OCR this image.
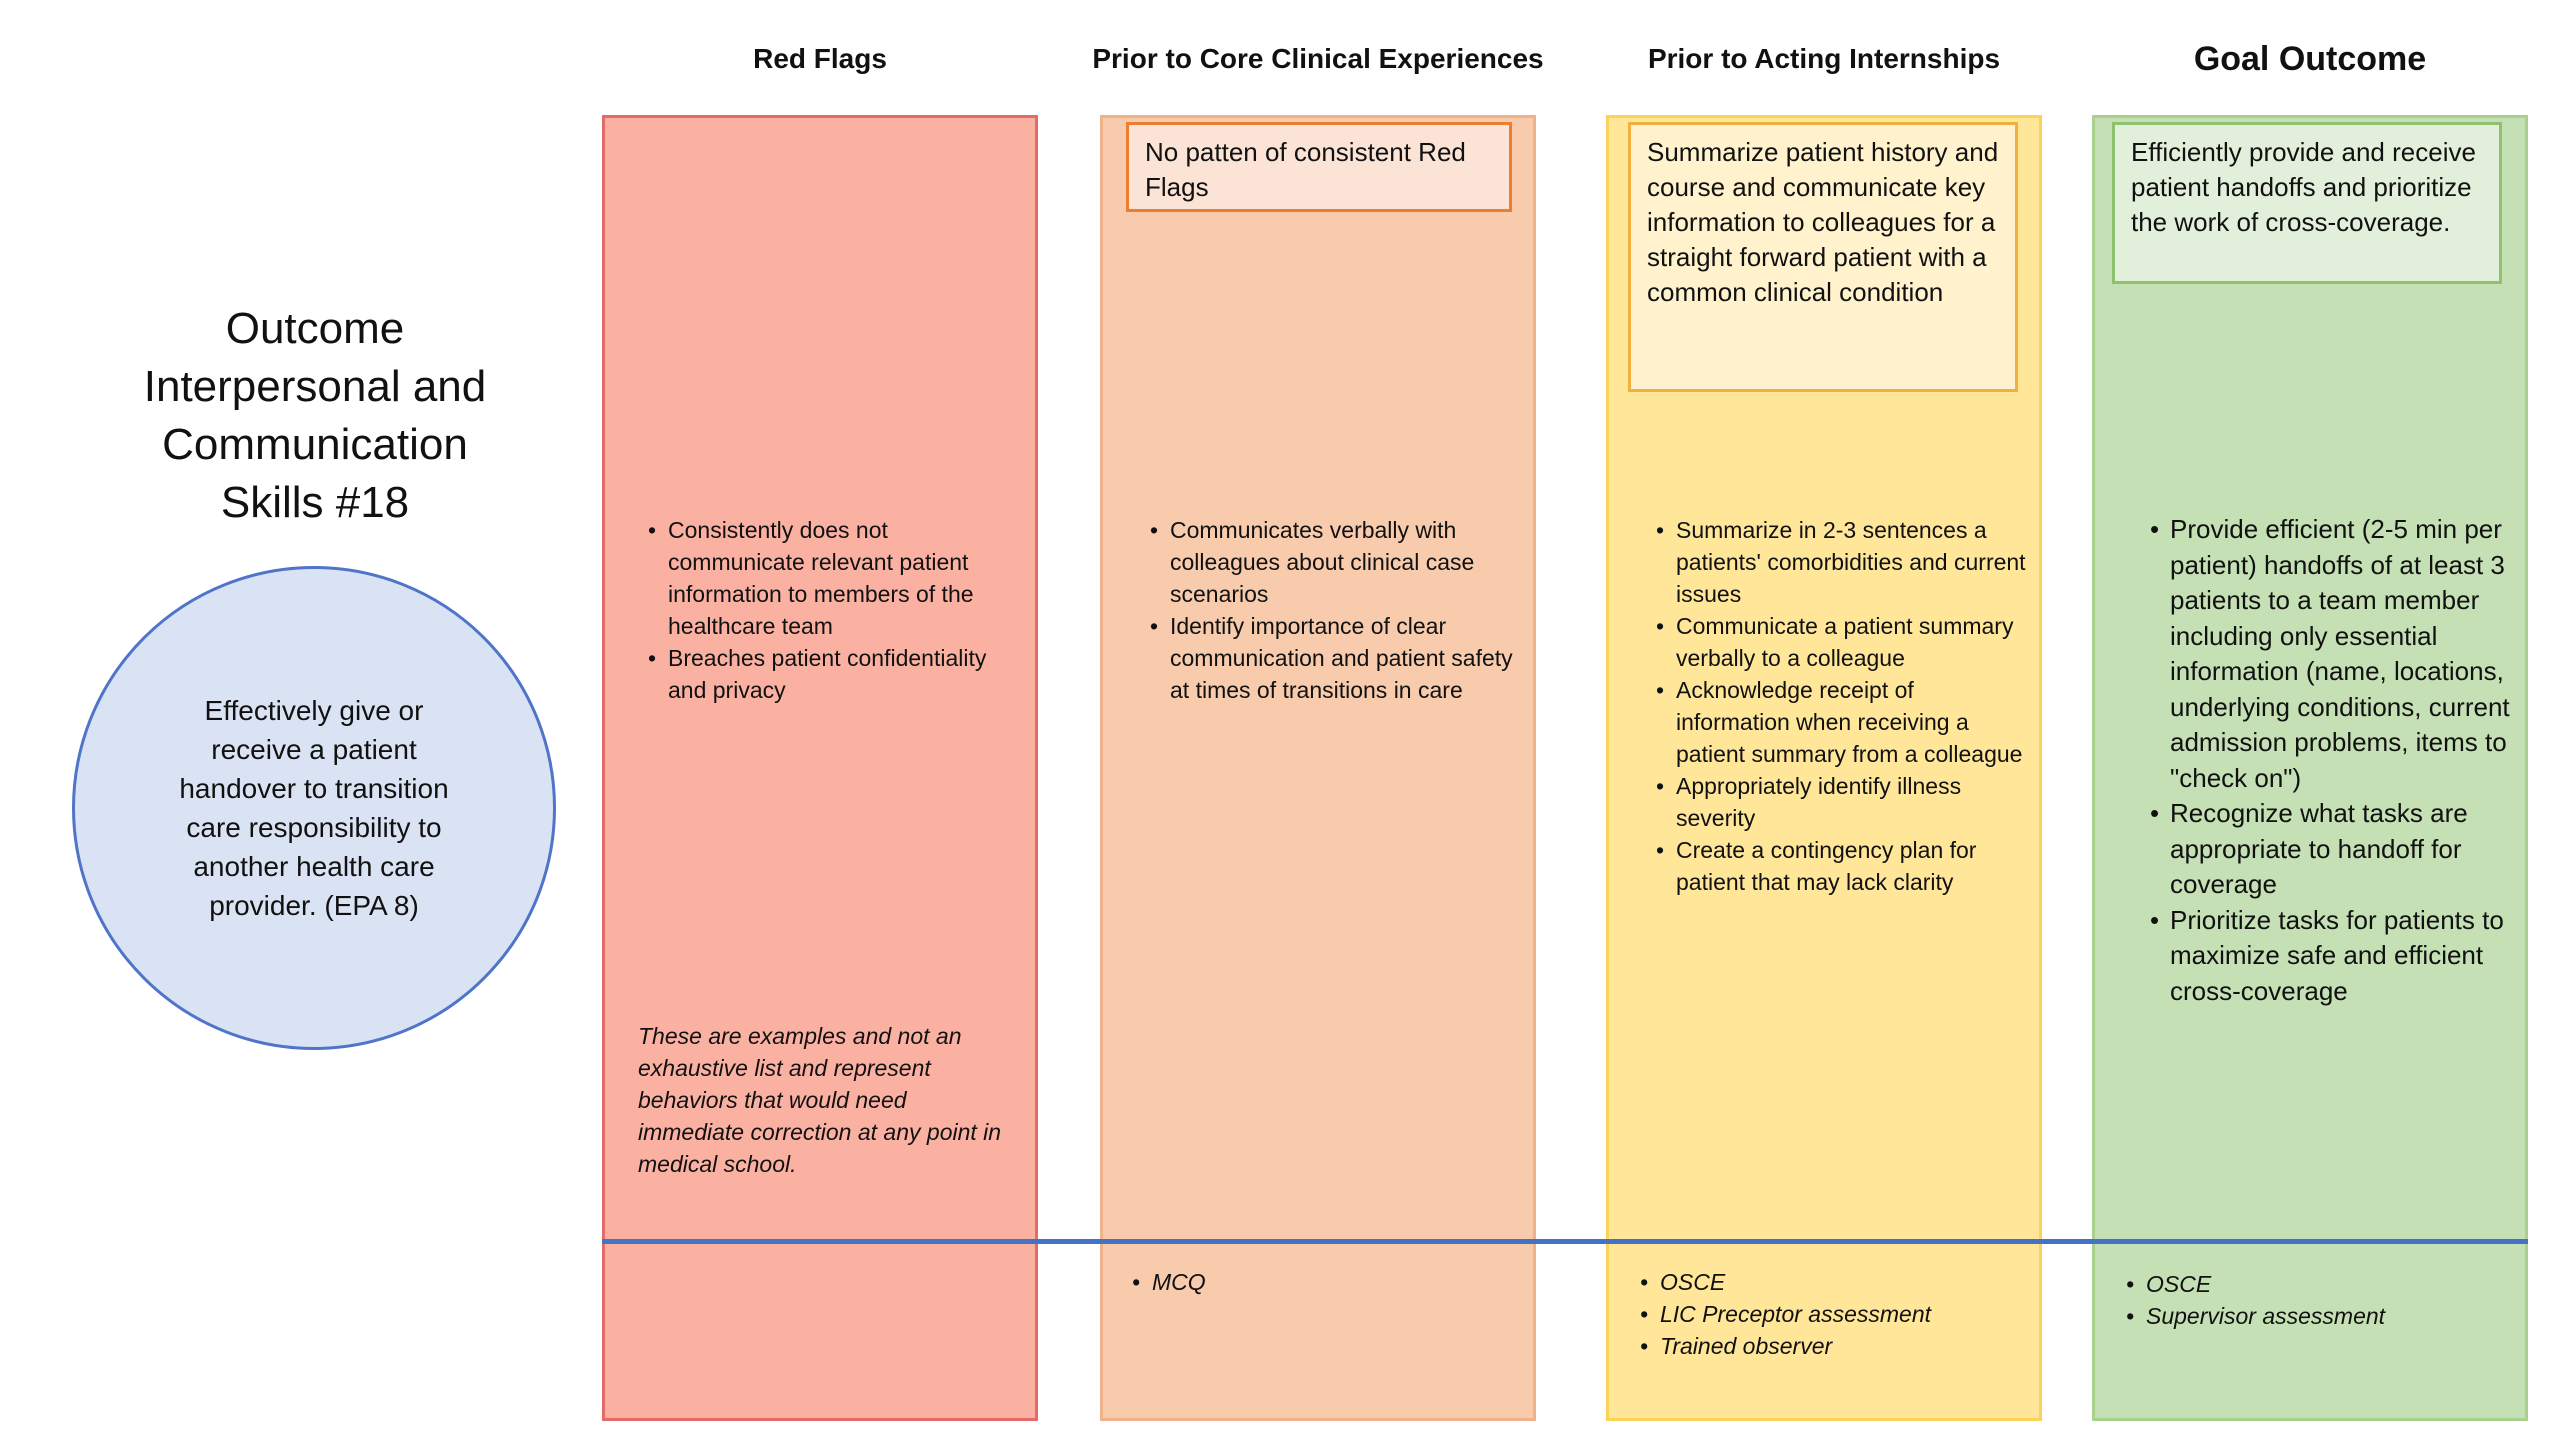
Red Flags	Prior to Core Clinical Experiences	Prior to Acting Internships	Goal Outcome
Outcome
Interpersonal and
Communication
Skills #18
Effectively give or receive a patient handover to transition care responsibility to another health care provider. (EPA 8)
No patten of consistent Red Flags
Summarize patient history and course and communicate key information to colleagues for a straight forward patient with a common clinical condition
Efficiently provide and receive patient handoffs and prioritize the work of cross-coverage.
• Consistently does not communicate relevant patient information to members of the healthcare team
• Breaches patient confidentiality and privacy
These are examples and not an exhaustive list and represent behaviors that would need immediate correction at any point in medical school.
• Communicates verbally with colleagues about clinical case scenarios
• Identify importance of clear communication and patient safety at times of transitions in care
• Summarize in 2-3 sentences a patients' comorbidities and current issues
• Communicate a patient summary verbally to a colleague
• Acknowledge receipt of information when receiving a patient summary from a colleague
• Appropriately identify illness severity
• Create a contingency plan for patient that may lack clarity
• Provide efficient (2-5 min per patient) handoffs of at least 3 patients to a team member including only essential information (name, locations, underlying conditions, current admission problems, items to "check on")
• Recognize what tasks are appropriate to handoff for coverage
• Prioritize tasks for patients to maximize safe and efficient cross-coverage
• MCQ
•	OSCE
• LIC Preceptor assessment
• Trained observer
• OSCE
• Supervisor assessment
